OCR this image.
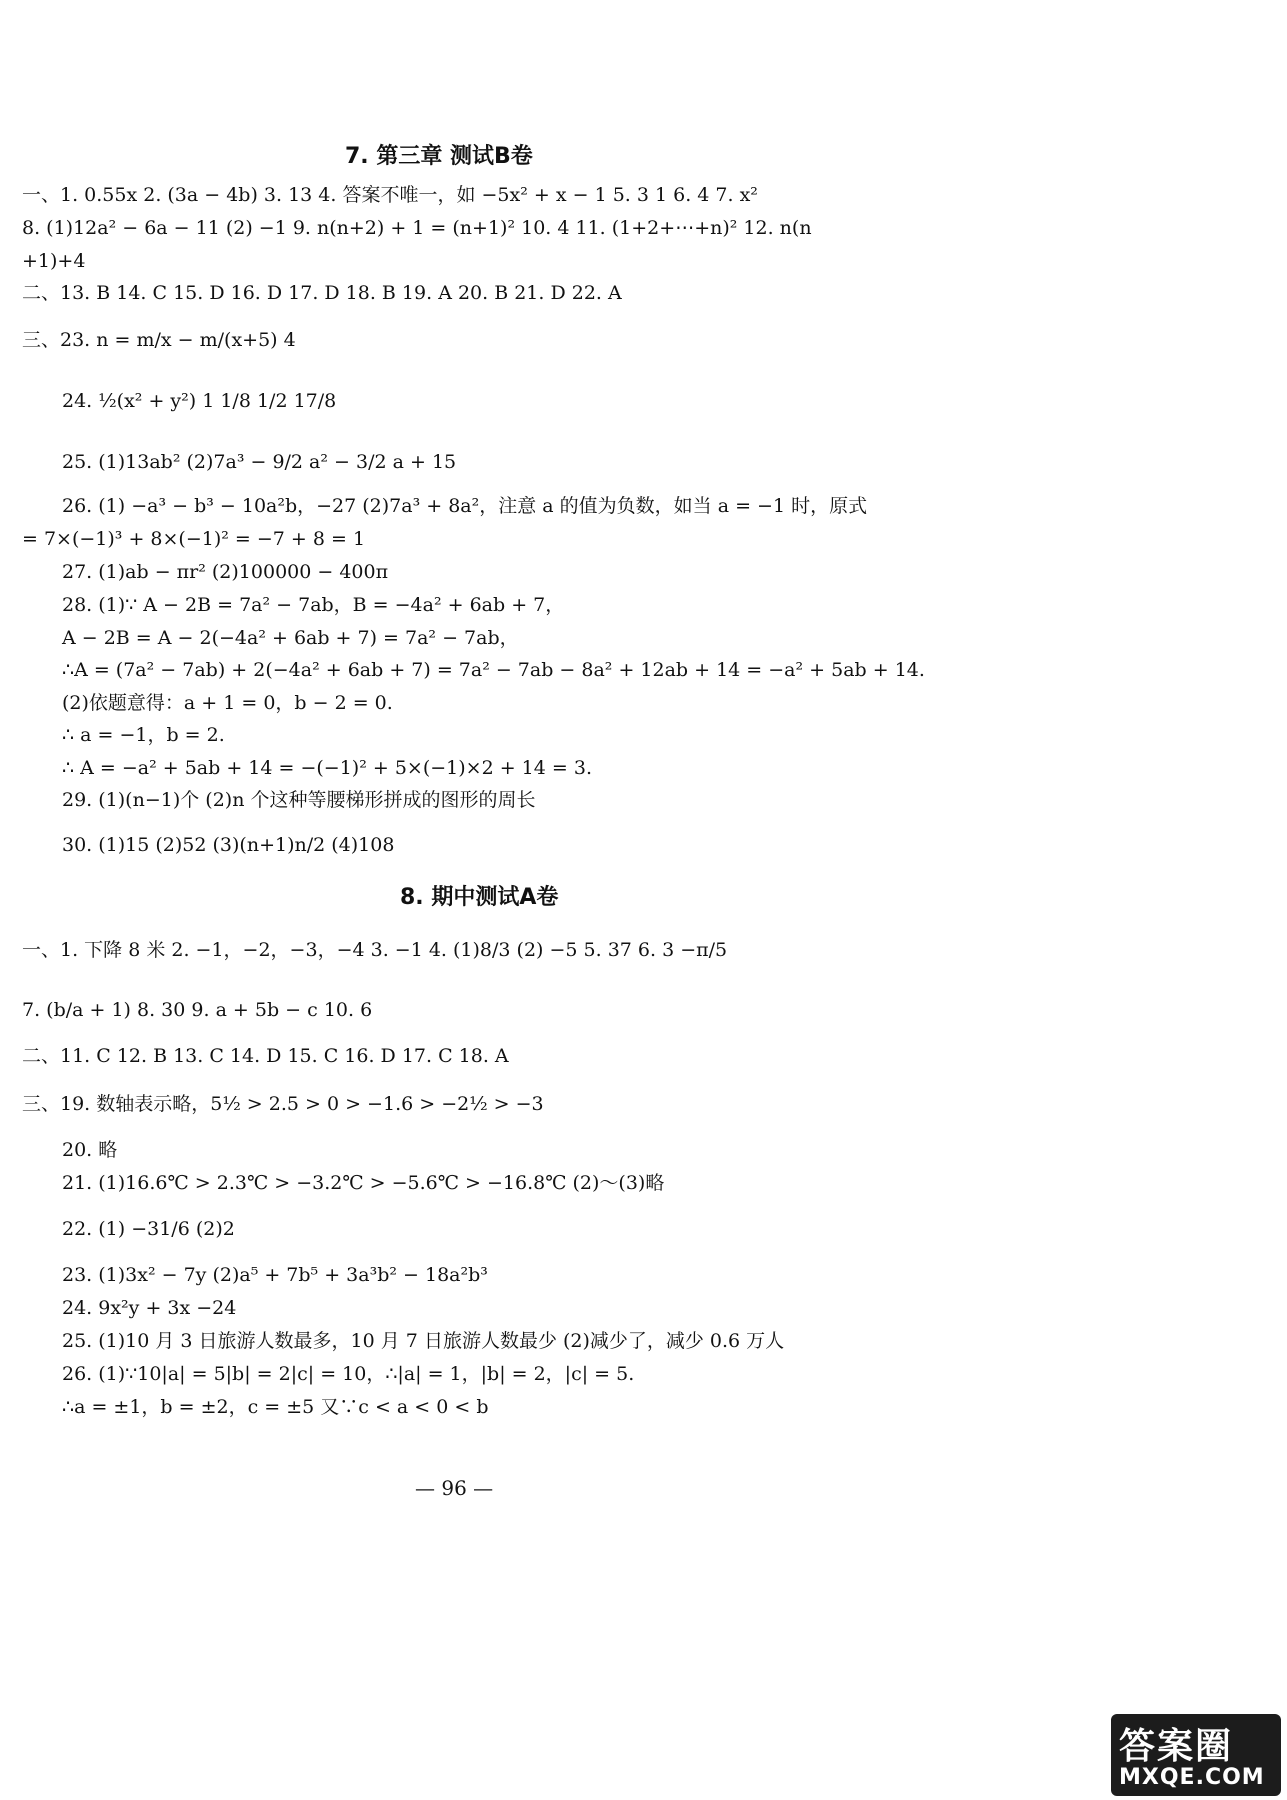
7. 第三章 测试B卷
一、1. 0.55x 2. (3a − 4b) 3. 13 4. 答案不唯一，如 −5x² + x − 1 5. 3 1 6. 4 7. x²
8. (1)12a² − 6a − 11 (2) −1 9. n(n+2) + 1 = (n+1)² 10. 4 11. (1+2+⋯+n)² 12. n(n
+1)+4
二、13. B 14. C 15. D 16. D 17. D 18. B 19. A 20. B 21. D 22. A
三、23. n = m/x − m/(x+5) 4
24. ½(x² + y²) 1 1/8 1/2 17/8
25. (1)13ab² (2)7a³ − 9/2 a² − 3/2 a + 15
26. (1) −a³ − b³ − 10a²b，−27 (2)7a³ + 8a²，注意 a 的值为负数，如当 a = −1 时，原式
= 7×(−1)³ + 8×(−1)² = −7 + 8 = 1
27. (1)ab − πr² (2)100000 − 400π
28. (1)∵ A − 2B = 7a² − 7ab，B = −4a² + 6ab + 7，
A − 2B = A − 2(−4a² + 6ab + 7) = 7a² − 7ab，
∴A = (7a² − 7ab) + 2(−4a² + 6ab + 7) = 7a² − 7ab − 8a² + 12ab + 14 = −a² + 5ab + 14.
(2)依题意得：a + 1 = 0，b − 2 = 0.
∴ a = −1，b = 2.
∴ A = −a² + 5ab + 14 = −(−1)² + 5×(−1)×2 + 14 = 3.
29. (1)(n−1)个 (2)n 个这种等腰梯形拼成的图形的周长
30. (1)15 (2)52 (3)(n+1)n/2 (4)108
8. 期中测试A卷
一、1. 下降 8 米 2. −1，−2，−3，−4 3. −1 4. (1)8/3 (2) −5 5. 37 6. 3 −π/5
7. (b/a + 1) 8. 30 9. a + 5b − c 10. 6
二、11. C 12. B 13. C 14. D 15. C 16. D 17. C 18. A
三、19. 数轴表示略，5½ > 2.5 > 0 > −1.6 > −2½ > −3
20. 略
21. (1)16.6℃ > 2.3℃ > −3.2℃ > −5.6℃ > −16.8℃ (2)～(3)略
22. (1) −31/6 (2)2
23. (1)3x² − 7y (2)a⁵ + 7b⁵ + 3a³b² − 18a²b³
24. 9x²y + 3x −24
25. (1)10 月 3 日旅游人数最多，10 月 7 日旅游人数最少 (2)减少了，减少 0.6 万人
26. (1)∵10|a| = 5|b| = 2|c| = 10，∴|a| = 1，|b| = 2，|c| = 5.
∴a = ±1，b = ±2，c = ±5 又∵c < a < 0 < b
— 96 —
答案圈
MXQE.COM
